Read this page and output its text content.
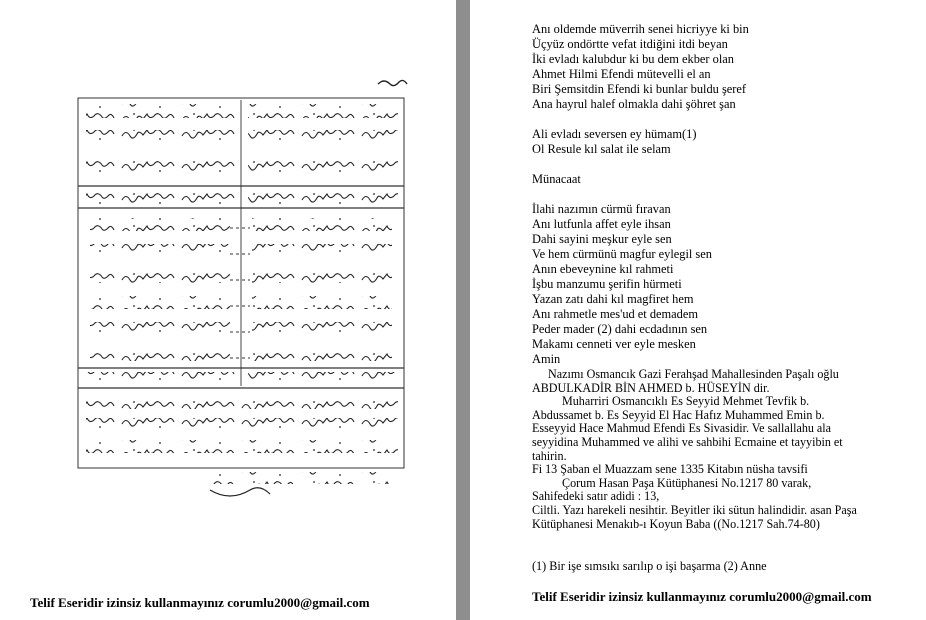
Telif Eseridir izinsiz kullanmayınız corumlu2000@gmail.com
Anı oldemde müverrih senei hicriyye ki bin
Üçyüz ondörtte vefat itdiğini itdi beyan
İki evladı kalubdur ki bu dem ekber olan
Ahmet Hilmi Efendi mütevelli el an
Biri Şemsitdin Efendi ki bunlar buldu şeref
Ana hayrul halef olmakla dahi şöhret şan
Ali evladı seversen ey hümam(1)
Ol Resule kıl salat ile selam
Münacaat
İlahi nazımın cürmü fıravan
Anı lutfunla affet eyle ihsan
Dahi sayini meşkur eyle sen
Ve hem cürmünü magfur eylegil sen
Anın ebeveynine kıl rahmeti
İşbu manzumu şerifin hürmeti
Yazan zatı dahi kıl magfiret hem
Anı rahmetle mes'ud et demadem
Peder mader (2) dahi ecdadının sen
Makamı cenneti ver eyle mesken
Amin
Nazımı Osmancık Gazi Ferahşad Mahallesinden Paşalı oğlu
ABDULKADİR BİN AHMED b. HÜSEYİN dir.
Muharriri Osmancıklı Es Seyyid Mehmet Tevfik b.
Abdussamet b. Es Seyyid El Hac Hafız Muhammed Emin b.
Esseyyid Hace Mahmud Efendi Es Sivasidir. Ve sallallahu ala
seyyidina Muhammed ve alihi ve sahbihi Ecmaine et tayyibin et
tahirin.
Fi 13 Şaban el Muazzam sene 1335 Kitabın nüsha tavsifi
Çorum Hasan Paşa Kütüphanesi No.1217 80 varak,
Sahifedeki satır adidi : 13,
Ciltli. Yazı harekeli nesihtir. Beyitler iki sütun halindidir. asan Paşa
Kütüphanesi Menakıb-ı Koyun Baba ((No.1217 Sah.74-80)
(1) Bir işe sımsıkı sarılıp o işi başarma (2) Anne
Telif Eseridir izinsiz kullanmayınız corumlu2000@gmail.com
